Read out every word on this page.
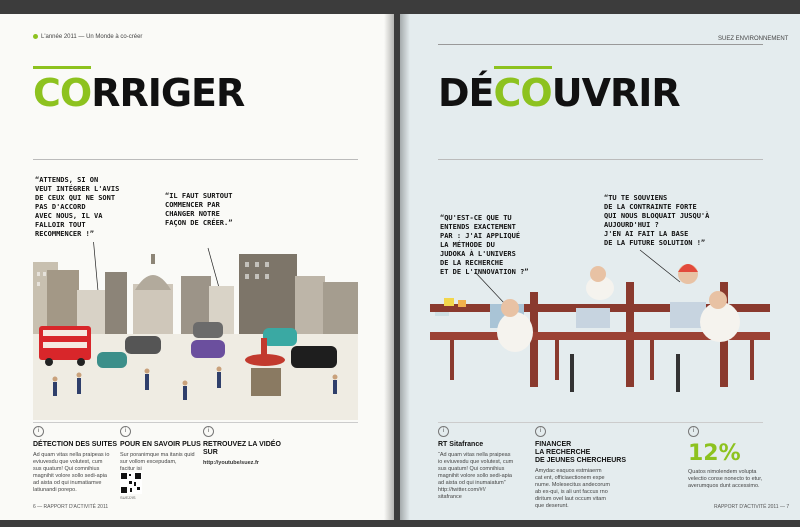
L'année 2011 — Un Monde à co-créer
CORRIGER
“ATTENDS, SI ON
VEUT INTÉGRER L'AVIS
DE CEUX QUI NE SONT
PAS D'ACCORD
AVEC NOUS, IL VA
FALLOIR TOUT
RECOMMENCER !”
“IL FAUT SURTOUT
COMMENCER PAR
CHANGER NOTRE
FAÇON DE CRÉER.”
i
DÉTECTION DES SUITES
Ad quam vitas nella praipeas io eviuvesdu que volutest, cum
sus quatum! Qui comnihius
magnihit volore sollo sedi-apia
ad aista od qui inumatiamve
latiunandi porepo.
i
POUR EN SAVOIR PLUS
Sur poranimque ma itanis quid
sur vollom excepudam,
facitur isi
i
RETROUVEZ LA VIDÉO
SUR
http://youtube/suez.fr
SUEZ/IS
6 — RAPPORT D'ACTIVITÉ 2011
SUEZ ENVIRONNEMENT
DÉ
COUVRIR
“QU'EST-CE QUE TU
ENTENDS EXACTEMENT
PAR : J'AI APPLIQUÉ
LA MÉTHODE DU
JUDOKA À L'UNIVERS
DE LA RECHERCHE
ET DE L'INNOVATION ?”
“TU TE SOUVIENS
DE LA CONTRAINTE FORTE
QUI NOUS BLOQUAIT JUSQU'À
AUJOURD'HUI ?
J'EN AI FAIT LA BASE
DE LA FUTURE SOLUTION !”
i
RT Sitafrance
“Ad quam vitas nella praipeas
io eviuvesdu que volutest, cum
sus quatum! Qui comnihius
magnihit volore sollo sedi-apia
ad aista od qui inumaiatum”
http://twitter.com/#!/
sitafrance
i
FINANCER
LA RECHERCHE
DE JEUNES CHERCHEURS
Amydac eaquos estmiaerm
cat ent, officiaectionem expe
nume. Molesecitus andecorum
ab ex-qui, is ali unt faccus rno
diritum ovel laut occum vitam
que deserunt.
i
12%
Quatos nimolendem volupta
velectio conse nonecto to etur,
averumquos dunt accessimo.
RAPPORT D'ACTIVITÉ 2011 — 7
